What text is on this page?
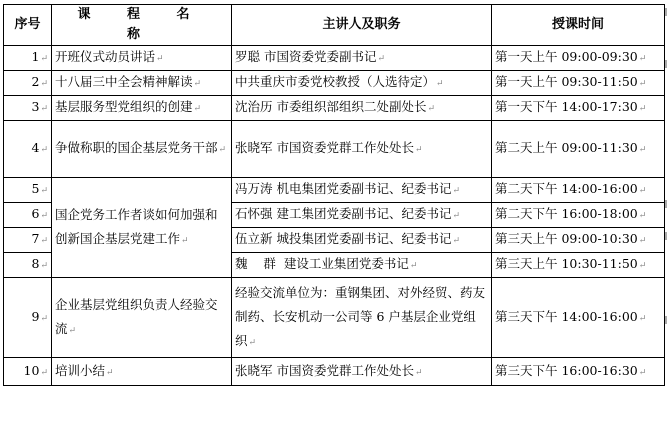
序号	课 程 名 称	主讲人及职务	授课时间
1↵	开班仪式动员讲话↵	罗聪 市国资委党委副书记↵	第一天上午 09:00-09:30↵
2↵	十八届三中全会精神解读↵	中共重庆市委党校教授（人选待定）↵	第一天上午 09:30-11:50↵
3↵	基层服务型党组织的创建↵	沈治历 市委组织部组织二处副处长↵	第一天下午 14:00-17:30↵
4↵	争做称职的国企基层党务干部↵	张晓军 市国资委党群工作处处长↵	第二天上午 09:00-11:30↵
5↵	国企党务工作者谈如何加强和创新国企基层党建工作↵	冯万涛 机电集团党委副书记、纪委书记↵	第二天下午 14:00-16:00↵
6↵		石怀强 建工集团党委副书记、纪委书记↵	第二天下午 16:00-18:00↵
7↵		伍立新 城投集团党委副书记、纪委书记↵	第三天上午 09:00-10:30↵
8↵		魏    群  建设工业集团党委书记↵	第三天上午 10:30-11:50↵
9↵	企业基层党组织负责人经验交流↵	经验交流单位为：重钢集团、对外经贸、药友制药、长安机动一公司等 6 户基层企业党组织↵	第三天下午 14:00-16:00↵
10↵	培训小结↵	张晓军 市国资委党群工作处处长↵	第三天下午 16:00-16:30↵
